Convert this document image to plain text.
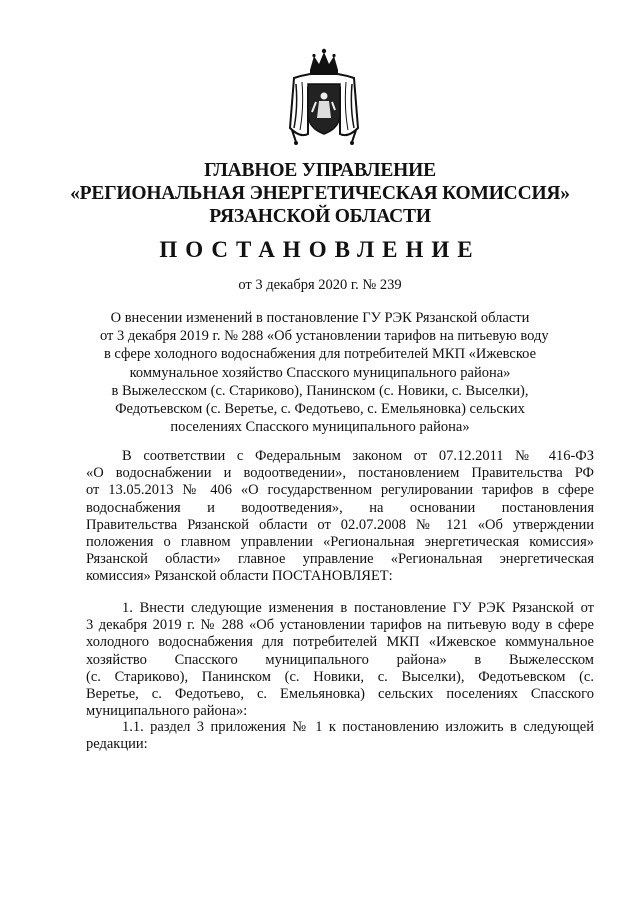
ГЛАВНОЕ УПРАВЛЕНИЕ
«РЕГИОНАЛЬНАЯ ЭНЕРГЕТИЧЕСКАЯ КОМИССИЯ»
РЯЗАНСКОЙ ОБЛАСТИ
ПОСТАНОВЛЕНИЕ
от 3 декабря 2020 г. № 239
О внесении изменений в постановление ГУ РЭК Рязанской области
от 3 декабря 2019 г. № 288 «Об установлении тарифов на питьевую воду
в сфере холодного водоснабжения для потребителей МКП «Ижевское
коммунальное хозяйство Спасского муниципального района»
в Выжелесском (с. Стариково), Панинском (с. Новики, с. Выселки),
Федотьевском (с. Веретье, с. Федотьево, с. Емельяновка) сельских
поселениях Спасского муниципального района»
В соответствии с Федеральным законом от 07.12.2011 № 416-ФЗ
«О водоснабжении и водоотведении», постановлением Правительства РФ
от 13.05.2013 № 406 «О государственном регулировании тарифов в сфере
водоснабжения и водоотведения», на основании постановления
Правительства Рязанской области от 02.07.2008 № 121 «Об утверждении
положения о главном управлении «Региональная энергетическая комиссия»
Рязанской области» главное управление «Региональная энергетическая
комиссия» Рязанской области ПОСТАНОВЛЯЕТ:
1. Внести следующие изменения в постановление ГУ РЭК Рязанской от
3 декабря 2019 г. № 288 «Об установлении тарифов на питьевую воду в сфере
холодного водоснабжения для потребителей МКП «Ижевское коммунальное
хозяйство Спасского муниципального района» в Выжелесском
(с. Стариково), Панинском (с. Новики, с. Выселки), Федотьевском (с.
Веретье, с. Федотьево, с. Емельяновка) сельских поселениях Спасского
муниципального района»:
1.1. раздел 3 приложения № 1 к постановлению изложить в следующей
редакции:
